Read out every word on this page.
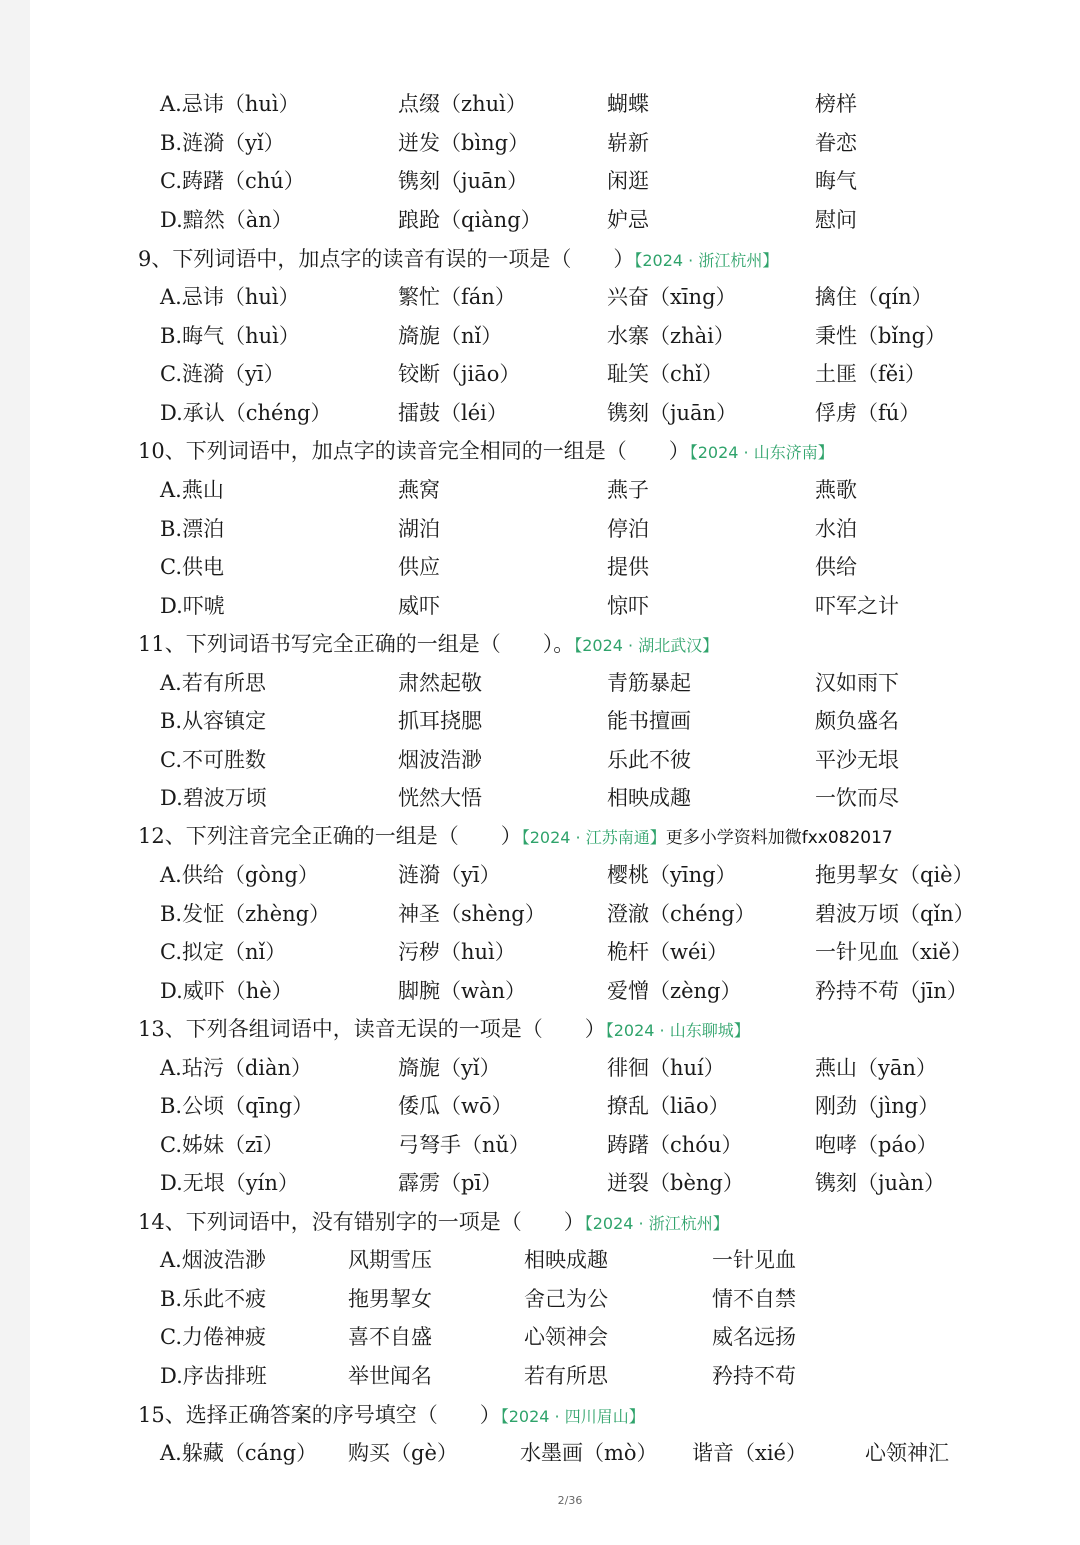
A.忌讳（huì）	点缀（zhuì）	蝴蝶	榜样
B.涟漪（yǐ）	迸发（bìng）	崭新	眷恋
C.踌躇（chú）	镌刻（juān）	闲逛	晦气
D.黯然（àn）	踉跄（qiàng）	妒忌	慰问
9、下列词语中，加点字的读音有误的一项是（　　）【2024 · 浙江杭州】
A.忌讳（huì）	繁忙（fán）	兴奋（xīng）	擒住（qín）
B.晦气（huì）	旖旎（nǐ）	水寨（zhài）	秉性（bǐng）
C.涟漪（yī）	铰断（jiāo）	耻笑（chǐ）	土匪（fěi）
D.承认（chéng）	擂鼓（léi）	镌刻（juān）	俘虏（fú）
10、下列词语中，加点字的读音完全相同的一组是（　　）【2024 · 山东济南】
A.燕山	燕窝	燕子	燕歌
B.漂泊	湖泊	停泊	水泊
C.供电	供应	提供	供给
D.吓唬	威吓	惊吓	吓军之计
11、下列词语书写完全正确的一组是（　　）。【2024 · 湖北武汉】
A.若有所思	肃然起敬	青筋暴起	汉如雨下
B.从容镇定	抓耳挠腮	能书擅画	颇负盛名
C.不可胜数	烟波浩渺	乐此不彼	平沙无垠
D.碧波万顷	恍然大悟	相映成趣	一饮而尽
12、下列注音完全正确的一组是（　　）【2024 · 江苏南通】更多小学资料加微fxx082017
A.供给（gòng）	涟漪（yī）	樱桃（yīng）	拖男挈女（qiè）
B.发怔（zhèng）	神圣（shèng）	澄澈（chéng）	碧波万顷（qǐn）
C.拟定（nǐ）	污秽（huì）	桅杆（wéi）	一针见血（xiě）
D.威吓（hè）	脚腕（wàn）	爱憎（zèng）	矜持不苟（jīn）
13、下列各组词语中，读音无误的一项是（　　）【2024 · 山东聊城】
A.玷污（diàn）	旖旎（yǐ）	徘徊（huí）	燕山（yān）
B.公顷（qīng）	倭瓜（wō）	撩乱（liāo）	刚劲（jìng）
C.姊妹（zī）	弓弩手（nǔ）	踌躇（chóu）	咆哮（páo）
D.无垠（yín）	霹雳（pī）	迸裂（bèng）	镌刻（juàn）
14、下列词语中，没有错别字的一项是（　　）【2024 · 浙江杭州】
A.烟波浩渺	风期雪压	相映成趣	一针见血
B.乐此不疲	拖男挈女	舍己为公	情不自禁
C.力倦神疲	喜不自盛	心领神会	威名远扬
D.序齿排班	举世闻名	若有所思	矜持不苟
15、选择正确答案的序号填空（　　）【2024 · 四川眉山】
A.躲藏（cáng） 购买（gè）	水墨画（mò） 谐音（xié）	心领神汇
2/36
